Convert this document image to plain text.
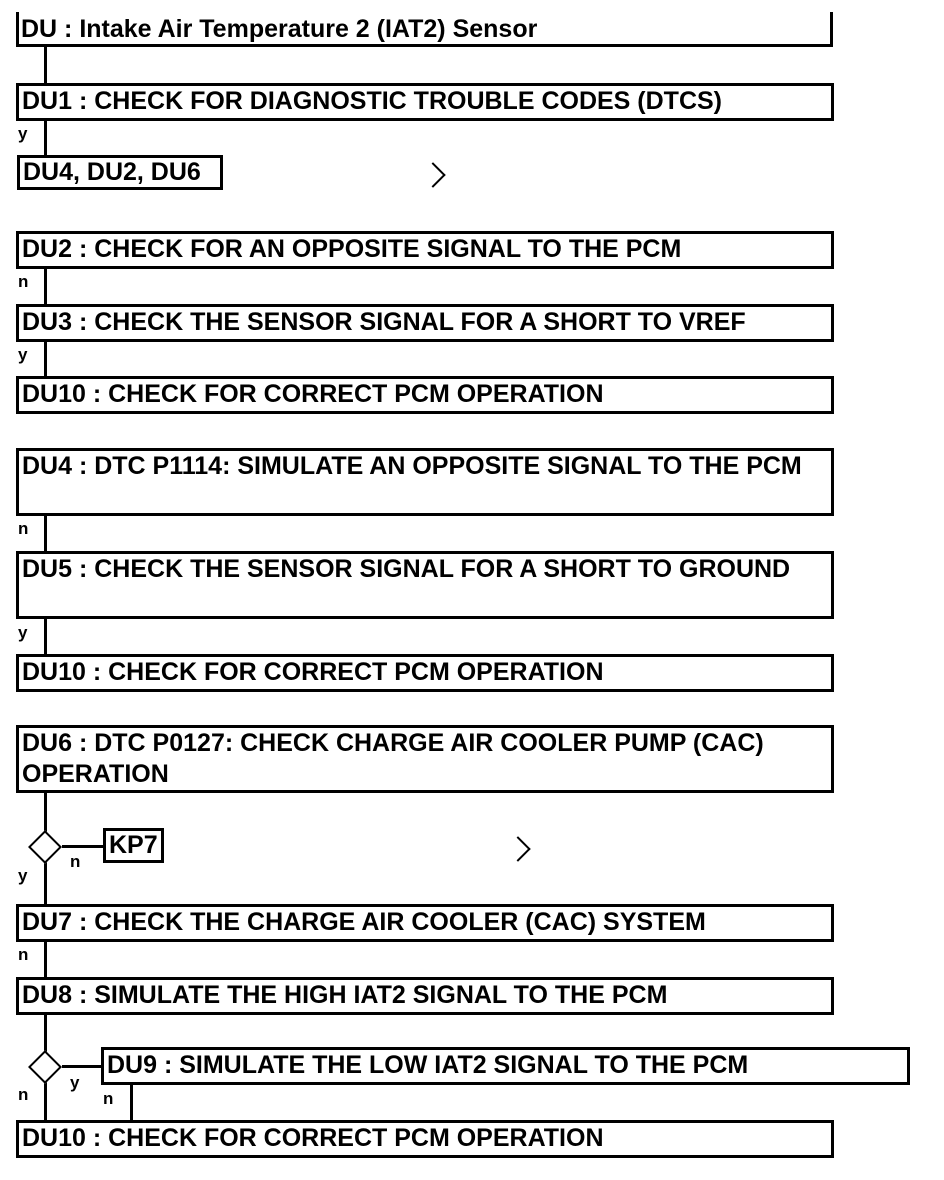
DU : Intake Air Temperature 2 (IAT2) Sensor
DU1 : CHECK FOR DIAGNOSTIC TROUBLE CODES (DTCS)
y
DU4, DU2, DU6
DU2 : CHECK FOR AN OPPOSITE SIGNAL TO THE PCM
n
DU3 : CHECK THE SENSOR SIGNAL FOR A SHORT TO VREF
y
DU10 : CHECK FOR CORRECT PCM OPERATION
DU4 : DTC P1114: SIMULATE AN OPPOSITE SIGNAL TO THE PCM
n
DU5 : CHECK THE SENSOR SIGNAL FOR A SHORT TO GROUND
y
DU10 : CHECK FOR CORRECT PCM OPERATION
DU6 : DTC P0127: CHECK CHARGE AIR COOLER PUMP (CAC) OPERATION
n
y
KP7
DU7 : CHECK THE CHARGE AIR COOLER (CAC) SYSTEM
n
DU8 : SIMULATE THE HIGH IAT2 SIGNAL TO THE PCM
y
n
DU9 : SIMULATE THE LOW IAT2 SIGNAL TO THE PCM
n
DU10 : CHECK FOR CORRECT PCM OPERATION
